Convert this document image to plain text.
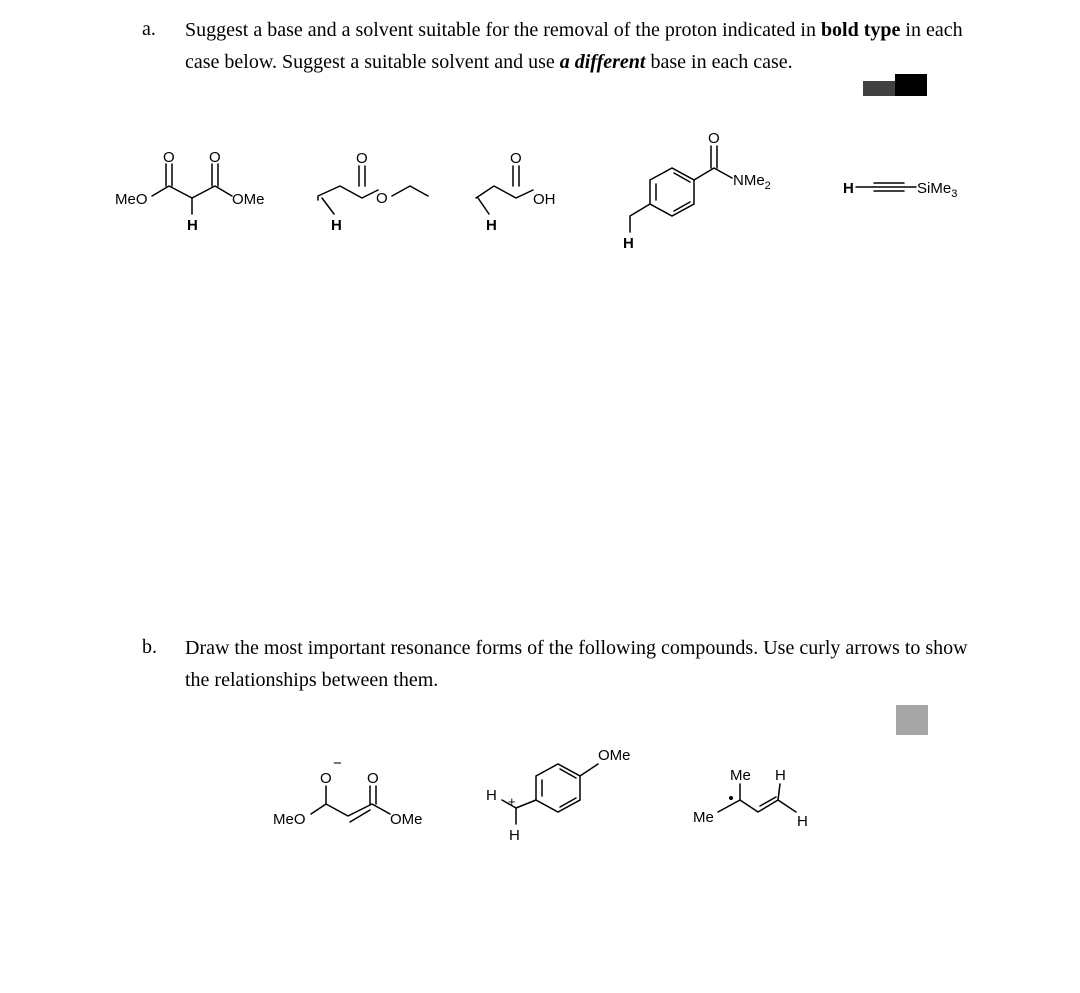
a. Suggest a base and a solvent suitable for the removal of the proton indicated in bold type in each case below. Suggest a suitable solvent and use a different base in each case.
b. Draw the most important resonance forms of the following compounds. Use curly arrows to show the relationships between them.
MeO
O O
OMe
H
O
O
H
O
OH
H
O
NMe$_2$
H
H	SiMe$_3$
MeO
O
−
O
OMe
OMe
H +
H
Me H
Me	H
